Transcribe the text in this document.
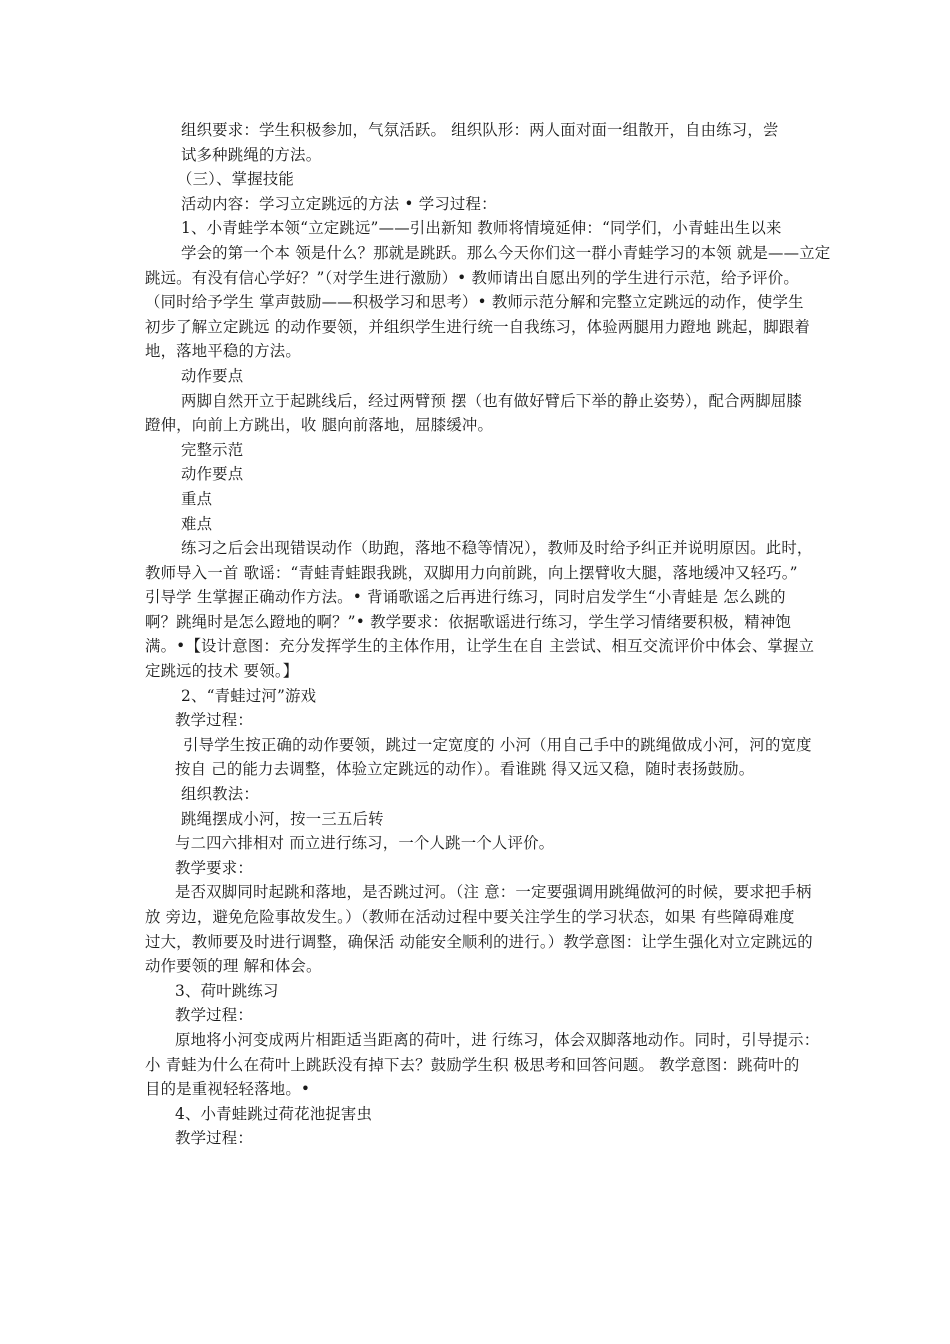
组织要求：学生积极参加，气氛活跃。 组织队形：两人面对面一组散开，自由练习，尝
试多种跳绳的方法。
（三）、掌握技能
活动内容：学习立定跳远的方法 • 学习过程：
1、小青蛙学本领“立定跳远”——引出新知 教师将情境延伸：“同学们，小青蛙出生以来
学会的第一个本 领是什么？那就是跳跃。那么今天你们这一群小青蛙学习的本领 就是——立定
跳远。有没有信心学好？”（对学生进行激励）• 教师请出自愿出列的学生进行示范，给予评价。
（同时给予学生 掌声鼓励——积极学习和思考）• 教师示范分解和完整立定跳远的动作，使学生
初步了解立定跳远 的动作要领，并组织学生进行统一自我练习，体验两腿用力蹬地 跳起，脚跟着
地，落地平稳的方法。
动作要点
两脚自然开立于起跳线后，经过两臂预 摆（也有做好臂后下举的静止姿势），配合两脚屈膝
蹬伸，向前上方跳出，收 腿向前落地，屈膝缓冲。
完整示范
动作要点
重点
难点
练习之后会出现错误动作（助跑，落地不稳等情况），教师及时给予纠正并说明原因。此时，
教师导入一首 歌谣：“青蛙青蛙跟我跳，双脚用力向前跳，向上摆臂收大腿，落地缓冲又轻巧。”
引导学 生掌握正确动作方法。• 背诵歌谣之后再进行练习，同时启发学生“小青蛙是 怎么跳的
啊？跳绳时是怎么蹬地的啊？”• 教学要求：依据歌谣进行练习，学生学习情绪要积极，精神饱
满。•【设计意图：充分发挥学生的主体作用，让学生在自 主尝试、相互交流评价中体会、掌握立
定跳远的技术 要领。】
2、“青蛙过河”游戏
教学过程：
引导学生按正确的动作要领，跳过一定宽度的 小河（用自己手中的跳绳做成小河，河的宽度
按自 己的能力去调整，体验立定跳远的动作）。看谁跳 得又远又稳，随时表扬鼓励。
组织教法：
跳绳摆成小河，按一三五后转
与二四六排相对 而立进行练习，一个人跳一个人评价。
教学要求：
是否双脚同时起跳和落地，是否跳过河。（注 意：一定要强调用跳绳做河的时候，要求把手柄
放 旁边，避免危险事故发生。）（教师在活动过程中要关注学生的学习状态，如果 有些障碍难度
过大，教师要及时进行调整，确保活 动能安全顺利的进行。）教学意图：让学生强化对立定跳远的
动作要领的理 解和体会。
3、荷叶跳练习
教学过程：
原地将小河变成两片相距适当距离的荷叶，进 行练习，体会双脚落地动作。同时，引导提示：
小 青蛙为什么在荷叶上跳跃没有掉下去？鼓励学生积 极思考和回答问题。 教学意图：跳荷叶的
目的是重视轻轻落地。•
4、小青蛙跳过荷花池捉害虫
教学过程：
